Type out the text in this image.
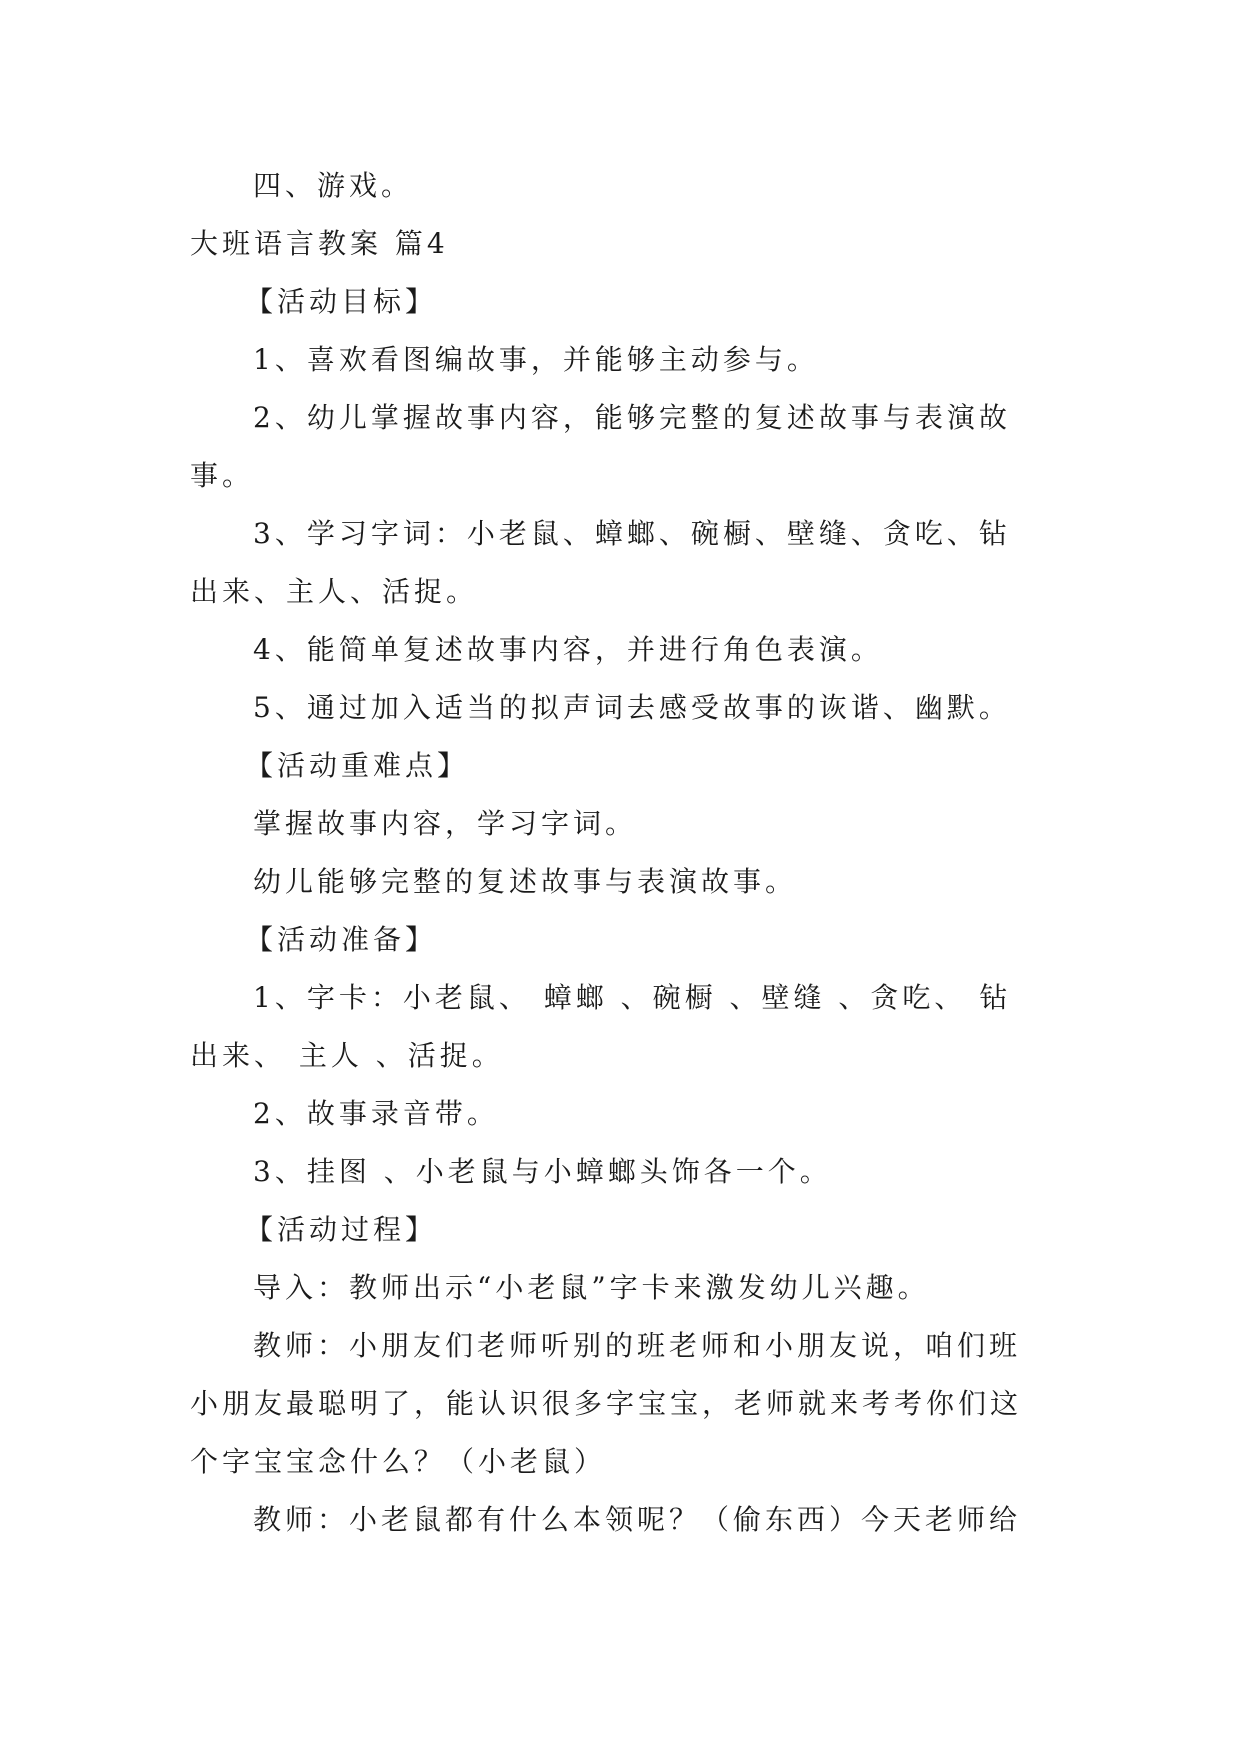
四、游戏。
大班语言教案 篇4
【活动目标】
1、喜欢看图编故事，并能够主动参与。
2、幼儿掌握故事内容，能够完整的复述故事与表演故
事。
3、学习字词：小老鼠、蟑螂、碗橱、壁缝、贪吃、钻
出来、主人、活捉。
4、能简单复述故事内容，并进行角色表演。
5、通过加入适当的拟声词去感受故事的诙谐、幽默。
【活动重难点】
掌握故事内容，学习字词。
幼儿能够完整的复述故事与表演故事。
【活动准备】
1、字卡：小老鼠、 蟑螂 、碗橱 、壁缝 、贪吃、 钻
出来、 主人 、活捉。
2、故事录音带。
3、挂图 、小老鼠与小蟑螂头饰各一个。
【活动过程】
导入：教师出示“小老鼠”字卡来激发幼儿兴趣。
教师：小朋友们老师听别的班老师和小朋友说，咱们班
小朋友最聪明了，能认识很多字宝宝，老师就来考考你们这
个字宝宝念什么？（小老鼠）
教师：小老鼠都有什么本领呢？（偷东西）今天老师给
